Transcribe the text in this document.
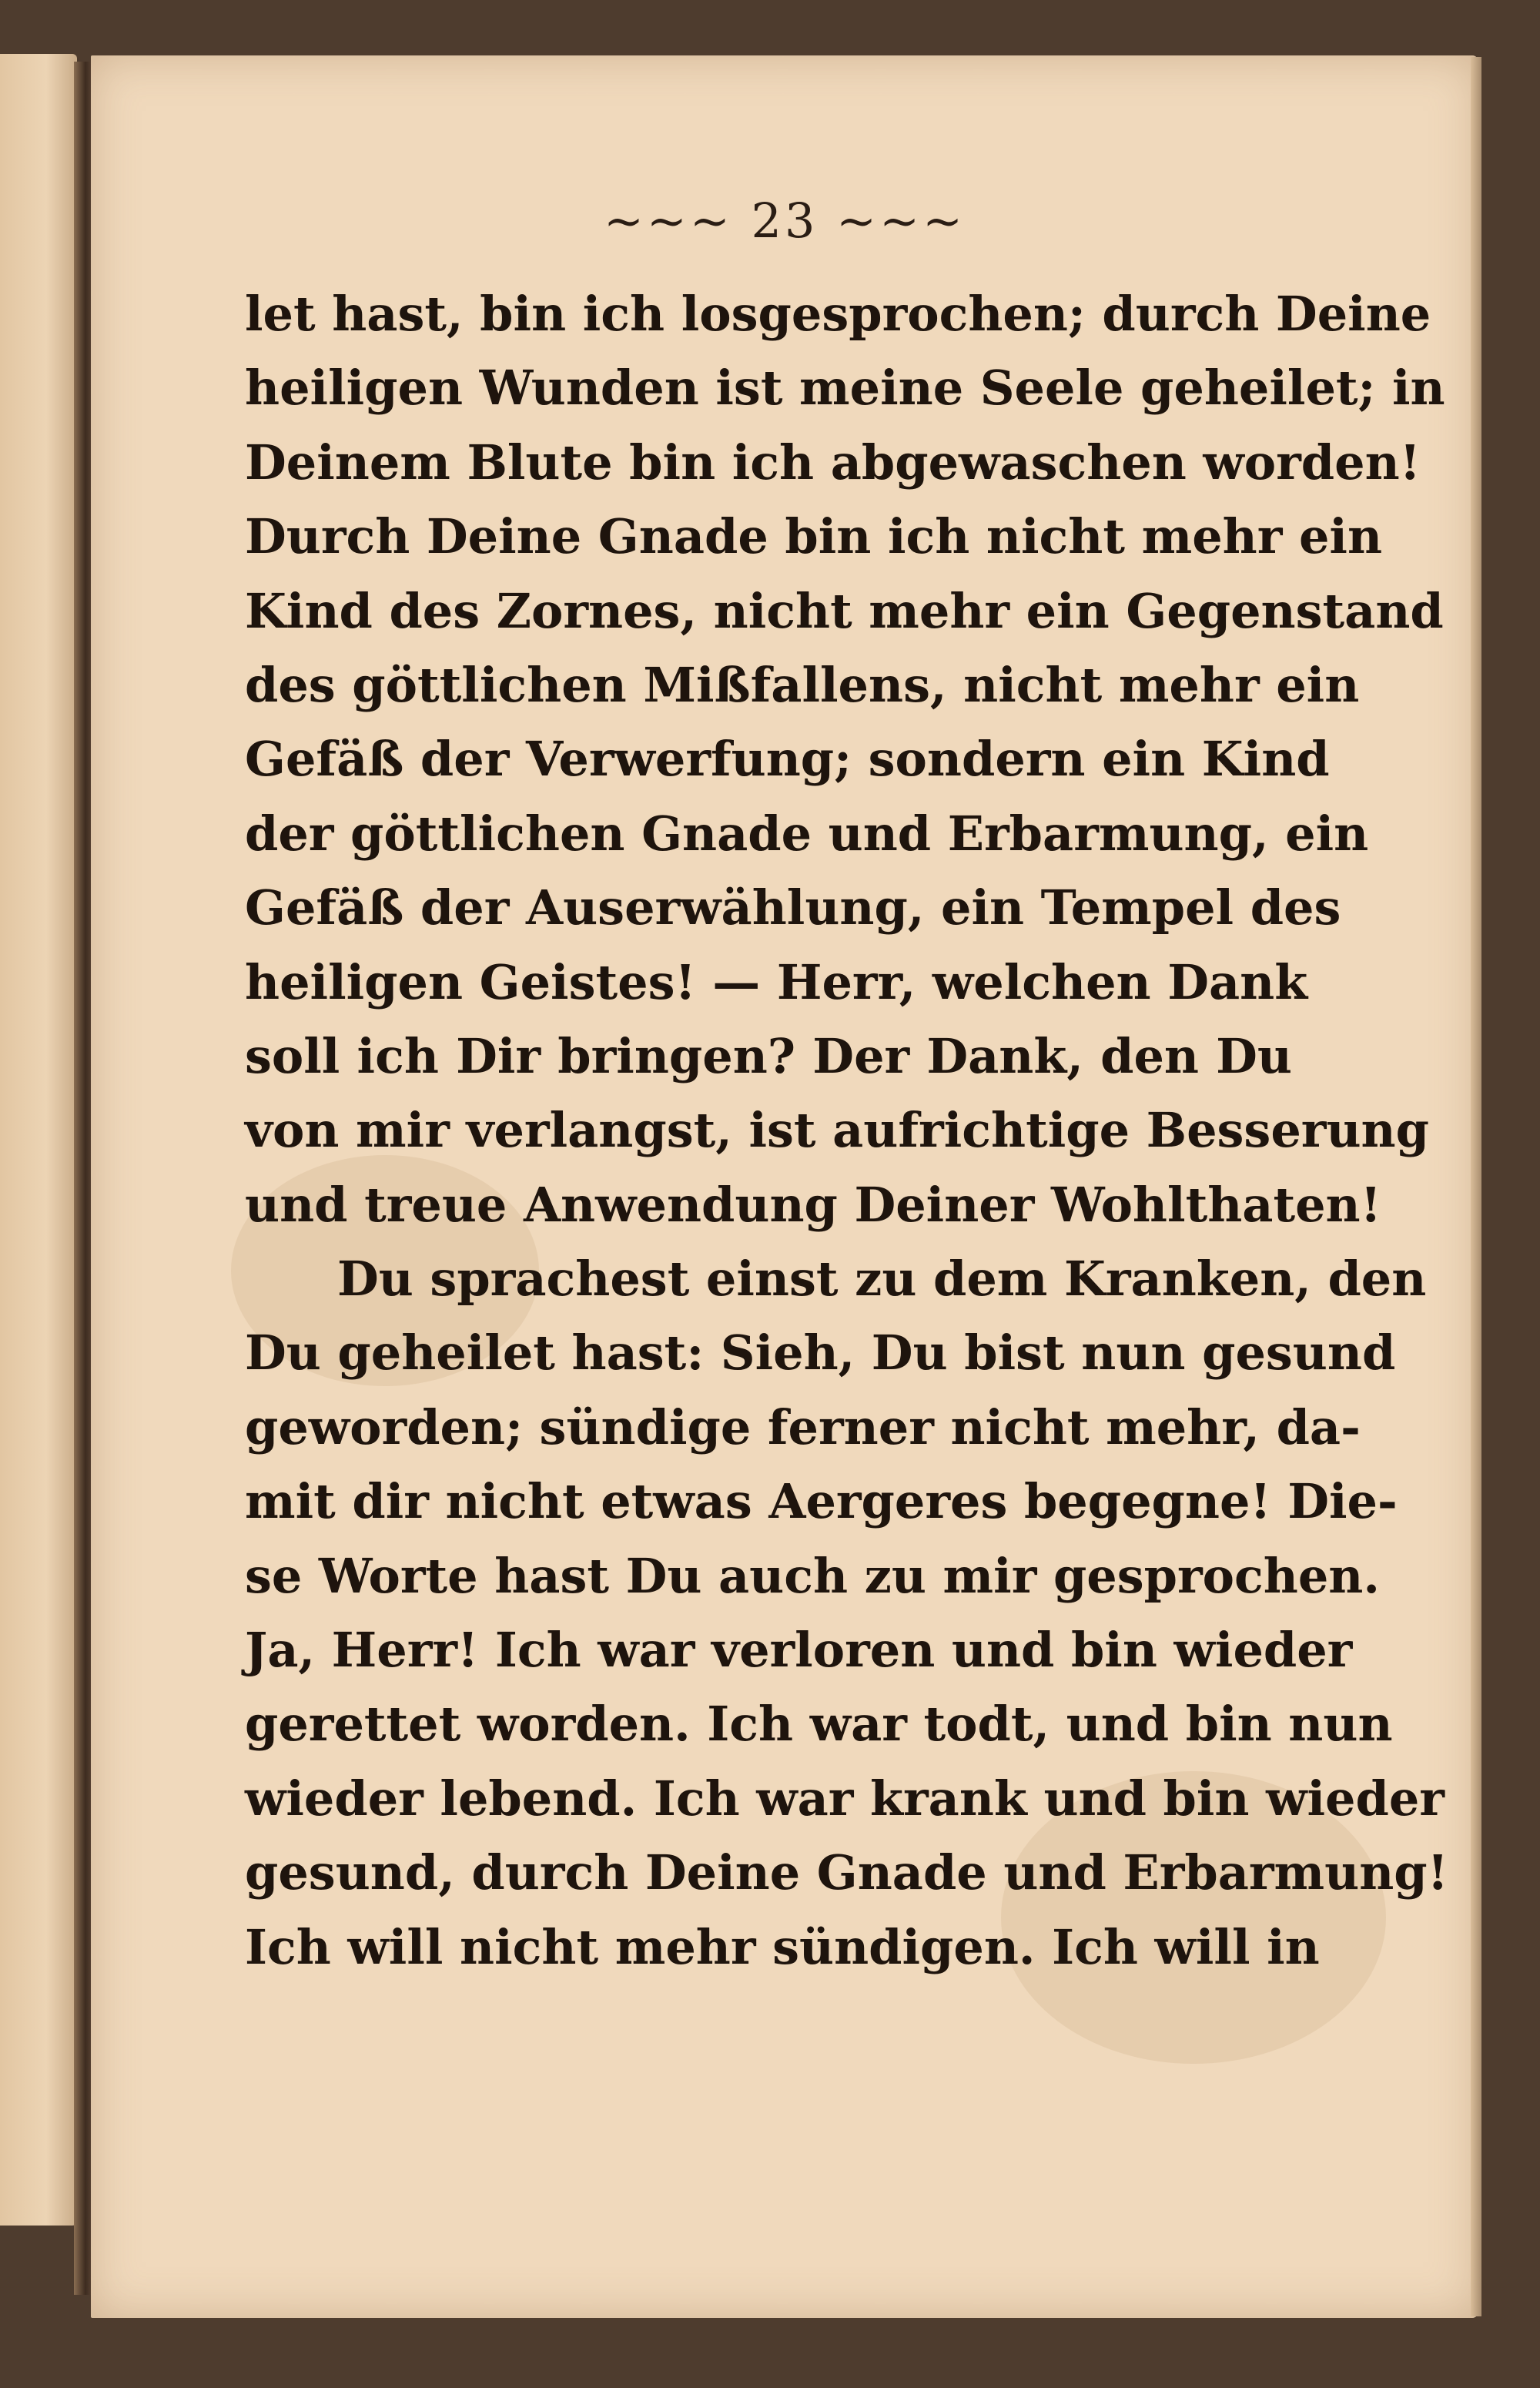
~~~ 23 ~~~
let hast, bin ich losgesprochen; durch Deine
heiligen Wunden ist meine Seele geheilet; in
Deinem Blute bin ich abgewaschen worden!
Durch Deine Gnade bin ich nicht mehr ein
Kind des Zornes, nicht mehr ein Gegenstand
des göttlichen Mißfallens, nicht mehr ein
Gefäß der Verwerfung; sondern ein Kind
der göttlichen Gnade und Erbarmung, ein
Gefäß der Auserwählung, ein Tempel des
heiligen Geistes! — Herr, welchen Dank
soll ich Dir bringen? Der Dank, den Du
von mir verlangst, ist aufrichtige Besserung
und treue Anwendung Deiner Wohlthaten!
Du sprachest einst zu dem Kranken, den
Du geheilet hast: Sieh, Du bist nun gesund
geworden; sündige ferner nicht mehr, da-
mit dir nicht etwas Aergeres begegne! Die-
se Worte hast Du auch zu mir gesprochen.
Ja, Herr! Ich war verloren und bin wieder
gerettet worden. Ich war todt, und bin nun
wieder lebend. Ich war krank und bin wieder
gesund, durch Deine Gnade und Erbarmung!
Ich will nicht mehr sündigen. Ich will in
